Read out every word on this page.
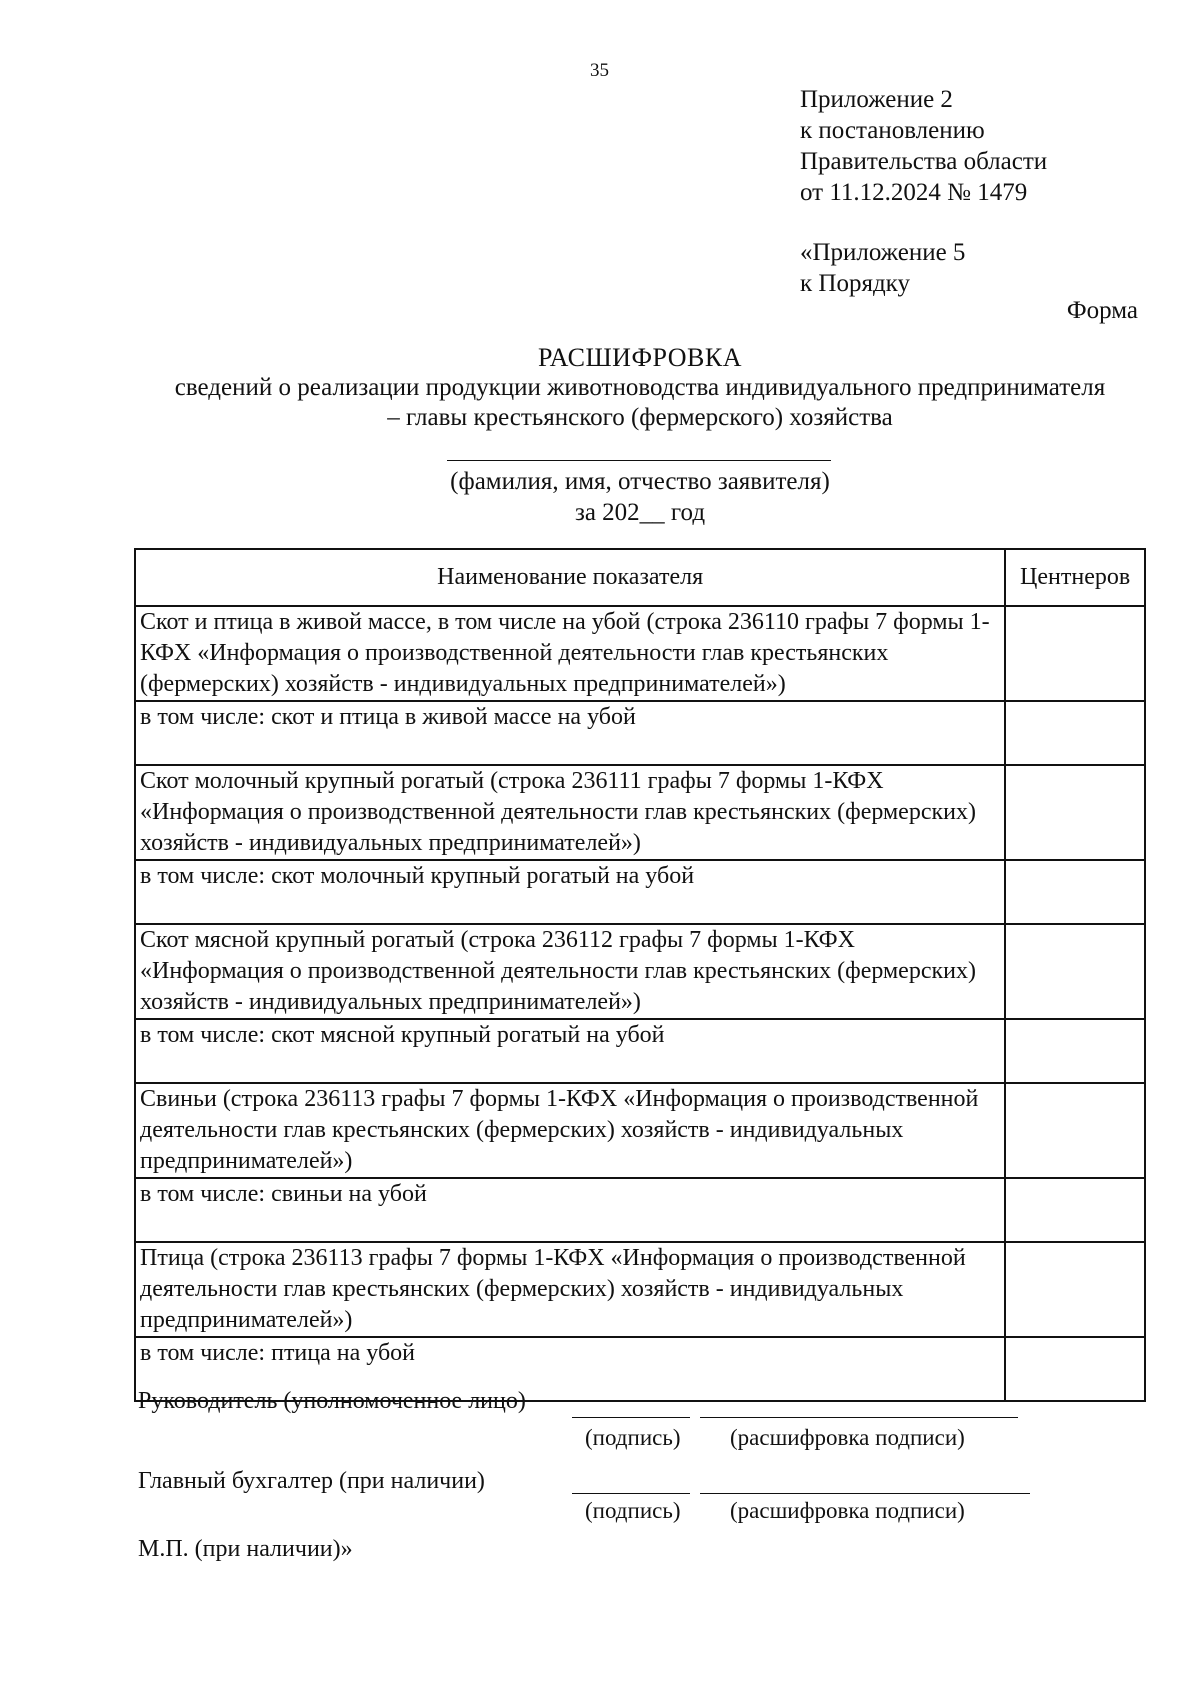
35
Приложение 2
к постановлению
Правительства области
от 11.12.2024 № 1479
«Приложение 5
к Порядку
Форма
РАСШИФРОВКА
сведений о реализации продукции животноводства индивидуального предпринимателя
– главы крестьянского (фермерского) хозяйства
(фамилия, имя, отчество заявителя)
за 202__ год
Наименование показателя	Центнеров
Скот и птица в живой массе, в том числе на убой (строка 236110 графы 7 формы 1-КФХ «Информация о производственной деятельности глав крестьянских (фермерских) хозяйств - индивидуальных предпринимателей»)	
в том числе: скот и птица в живой массе на убой	
Скот молочный крупный рогатый (строка 236111 графы 7 формы 1-КФХ «Информация о производственной деятельности глав крестьянских (фермерских) хозяйств - индивидуальных предпринимателей»)	
в том числе: скот молочный крупный рогатый на убой	
Скот мясной крупный рогатый (строка 236112 графы 7 формы 1-КФХ «Информация о производственной деятельности глав крестьянских (фермерских) хозяйств - индивидуальных предпринимателей»)	
в том числе: скот мясной крупный рогатый на убой	
Свиньи (строка 236113 графы 7 формы 1-КФХ «Информация о производственной деятельности глав крестьянских (фермерских) хозяйств - индивидуальных предпринимателей»)	
в том числе: свиньи на убой	
Птица (строка 236113 графы 7 формы 1-КФХ «Информация о производственной деятельности глав крестьянских (фермерских) хозяйств - индивидуальных предпринимателей»)	
в том числе: птица на убой	
Руководитель (уполномоченное лицо)
(подпись) (расшифровка подписи)
Главный бухгалтер (при наличии)
(подпись) (расшифровка подписи)
М.П. (при наличии)»
